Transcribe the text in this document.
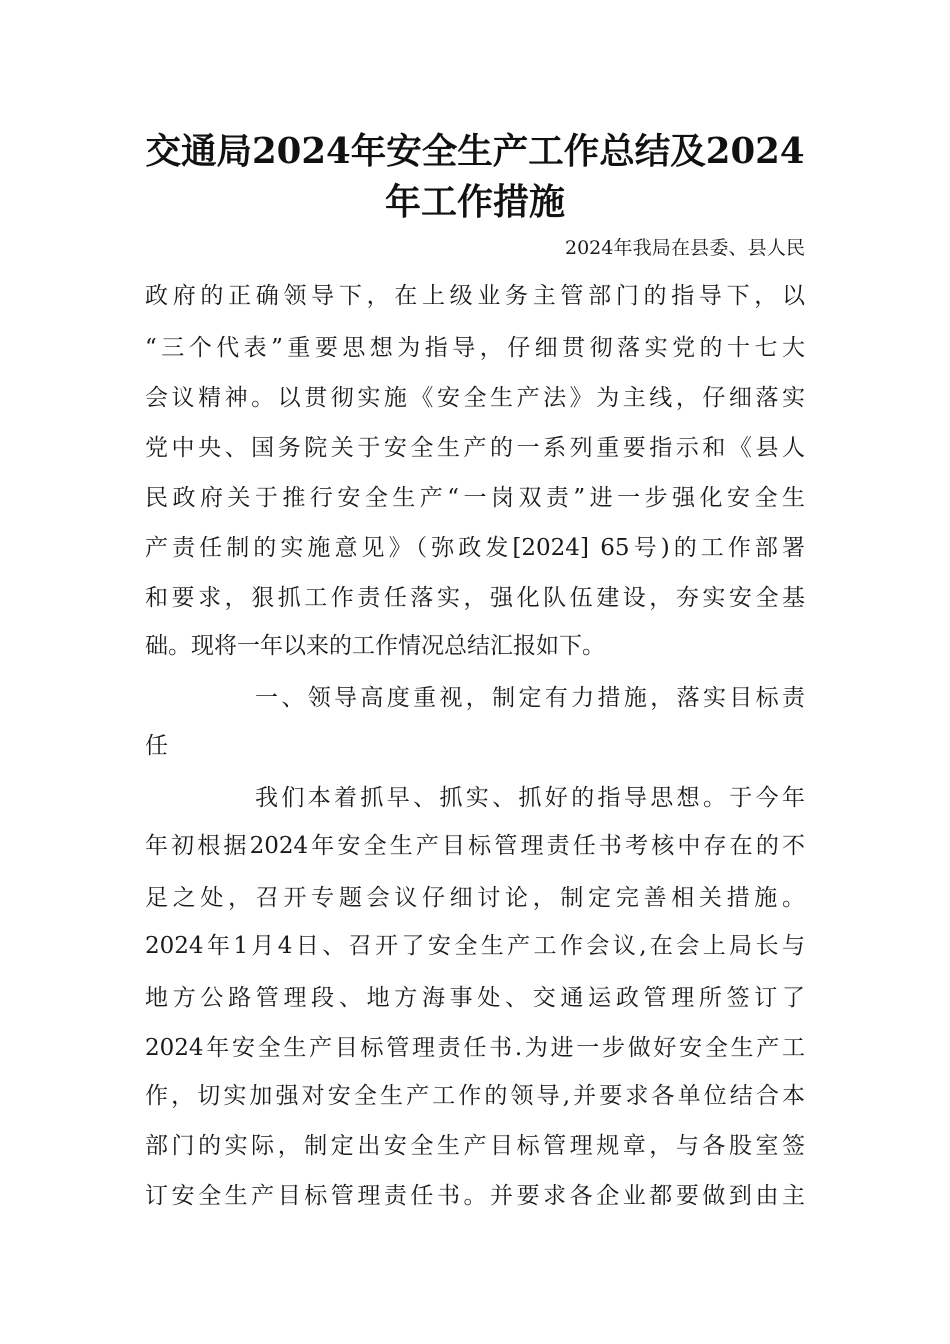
交通局2024年安全生产工作总结及2024
年工作措施
2024年我局在县委、县人民
政府的正确领导下，在上级业务主管部门的指导下，以
“三个代表”重要思想为指导，仔细贯彻落实党的十七大
会议精神。以贯彻实施《安全生产法》为主线，仔细落实
党中央、国务院关于安全生产的一系列重要指示和《县人
民政府关于推行安全生产“一岗双责”进一步强化安全生
产责任制的实施意见》（弥政发[2024] 65号)的工作部署
和要求，狠抓工作责任落实，强化队伍建设，夯实安全基
础。现将一年以来的工作情况总结汇报如下。
一、领导高度重视，制定有力措施，落实目标责
任
我们本着抓早、抓实、抓好的指导思想。于今年
年初根据2024年安全生产目标管理责任书考核中存在的不
足之处，召开专题会议仔细讨论，制定完善相关措施。
2024年1月4日、召开了安全生产工作会议,在会上局长与
地方公路管理段、地方海事处、交通运政管理所签订了
2024年安全生产目标管理责任书.为进一步做好安全生产工
作，切实加强对安全生产工作的领导,并要求各单位结合本
部门的实际，制定出安全生产目标管理规章，与各股室签
订安全生产目标管理责任书。并要求各企业都要做到由主
